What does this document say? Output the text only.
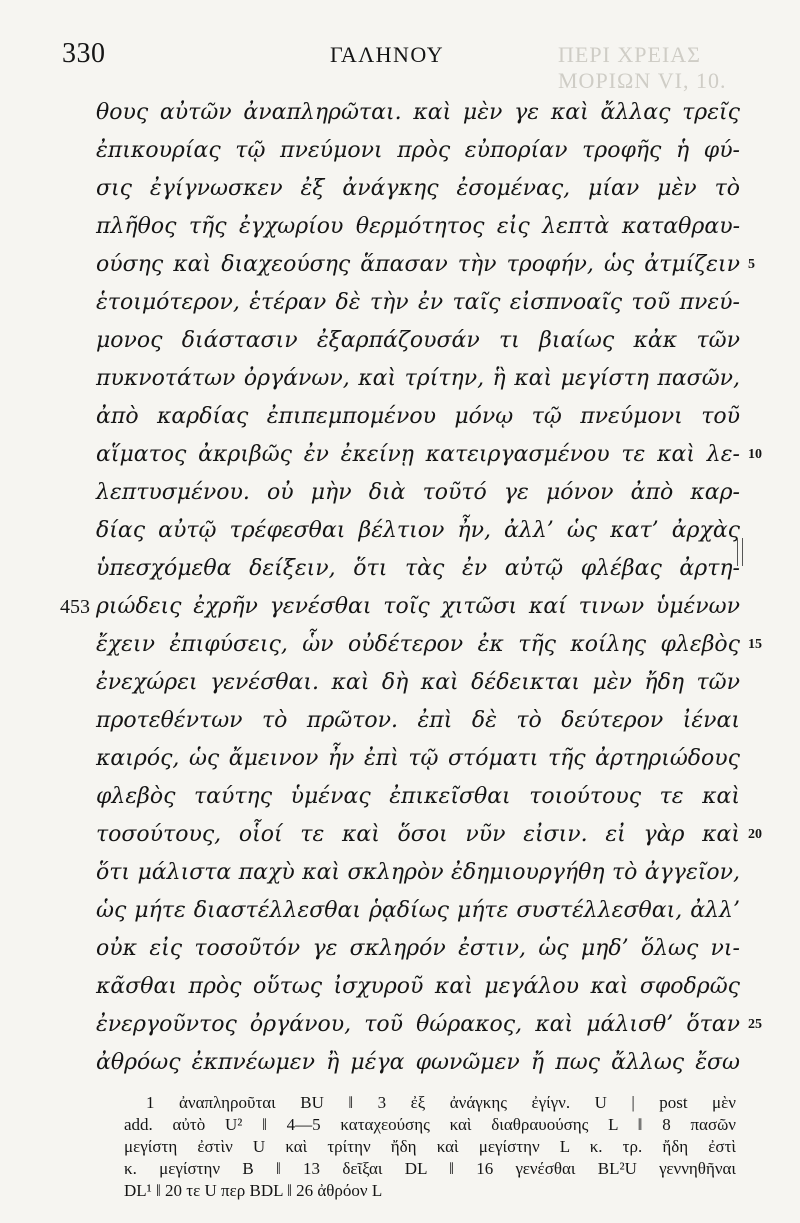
330	ΓΑΛΗΝΟΥ	ΠΕΡΙ ΧΡΕΙΑΣ ΜΟΡΙΩΝ VI, 10.
θους αὐτῶν ἀναπληρῶται. καὶ μὲν γε καὶ ἄλλας τρεῖς
ἐπικουρίας τῷ πνεύμονι πρὸς εὐπορίαν τροφῆς ἡ φύ-
σις ἐγίγνωσκεν ἐξ ἀνάγκης ἐσομένας, μίαν μὲν τὸ
πλῆθος τῆς ἐγχωρίου θερμότητος εἰς λεπτὰ καταθραυ-
ούσης καὶ διαχεούσης ἅπασαν τὴν τροφήν, ὡς ἀτμίζειν
ἑτοιμότερον, ἑτέραν δὲ τὴν ἐν ταῖς εἰσπνοαῖς τοῦ πνεύ-
μονος διάστασιν ἐξαρπάζουσάν τι βιαίως κἀκ τῶν
πυκνοτάτων ὀργάνων, καὶ τρίτην, ἣ καὶ μεγίστη πασῶν,
ἀπὸ καρδίας ἐπιπεμπομένου μόνῳ τῷ πνεύμονι τοῦ
αἵματος ἀκριβῶς ἐν ἐκείνῃ κατειργασμένου τε καὶ λε-
λεπτυσμένου. οὐ μὴν διὰ τοῦτό γε μόνον ἀπὸ καρ-
δίας αὐτῷ τρέφεσθαι βέλτιον ἦν, ἀλλ’ ὡς κατ’ ἀρχὰς
ὑπεσχόμεθα δείξειν, ὅτι τὰς ἐν αὐτῷ φλέβας ἀρτη-
ριώδεις ἐχρῆν γενέσθαι τοῖς χιτῶσι καί τινων ὑμένων
ἔχειν ἐπιφύσεις, ὧν οὐδέτερον ἐκ τῆς κοίλης φλεβὸς
ἐνεχώρει γενέσθαι. καὶ δὴ καὶ δέδεικται μὲν ἤδη τῶν
προτεθέντων τὸ πρῶτον. ἐπὶ δὲ τὸ δεύτερον ἰέναι
καιρός, ὡς ἄμεινον ἦν ἐπὶ τῷ στόματι τῆς ἀρτηριώδους
φλεβὸς ταύτης ὑμένας ἐπικεῖσθαι τοιούτους τε καὶ
τοσούτους, οἷοί τε καὶ ὅσοι νῦν εἰσιν. εἰ γὰρ καὶ
ὅτι μάλιστα παχὺ καὶ σκληρὸν ἐδημιουργήθη τὸ ἀγγεῖον,
ὡς μήτε διαστέλλεσθαι ῥᾳδίως μήτε συστέλλεσθαι, ἀλλ’
οὐκ εἰς τοσοῦτόν γε σκληρόν ἐστιν, ὡς μηδ’ ὅλως νι-
κᾶσθαι πρὸς οὕτως ἰσχυροῦ καὶ μεγάλου καὶ σφοδρῶς
ἐνεργοῦντος ὀργάνου, τοῦ θώρακος, καὶ μάλισθ’ ὅταν
ἀθρόως ἐκπνέωμεν ἢ μέγα φωνῶμεν ἤ πως ἄλλως ἔσω
5
10
15
20
25
453
1 ἀναπληροῦται BU ‖ 3 ἐξ ἀνάγκης ἐγίγν. U | post μὲν
add. αὐτὸ U² ‖ 4—5 καταχεούσης καὶ διαθραυούσης L ‖ 8 πασῶν
μεγίστη ἐστὶν U καὶ τρίτην ἤδη καὶ μεγίστην L κ. τρ. ἤδη ἐστὶ
κ. μεγίστην B ‖ 13 δεῖξαι DL ‖ 16 γενέσθαι BL²U γεννηθῆναι
DL¹ ‖ 20 τε U περ BDL ‖ 26 ἀθρόον L
